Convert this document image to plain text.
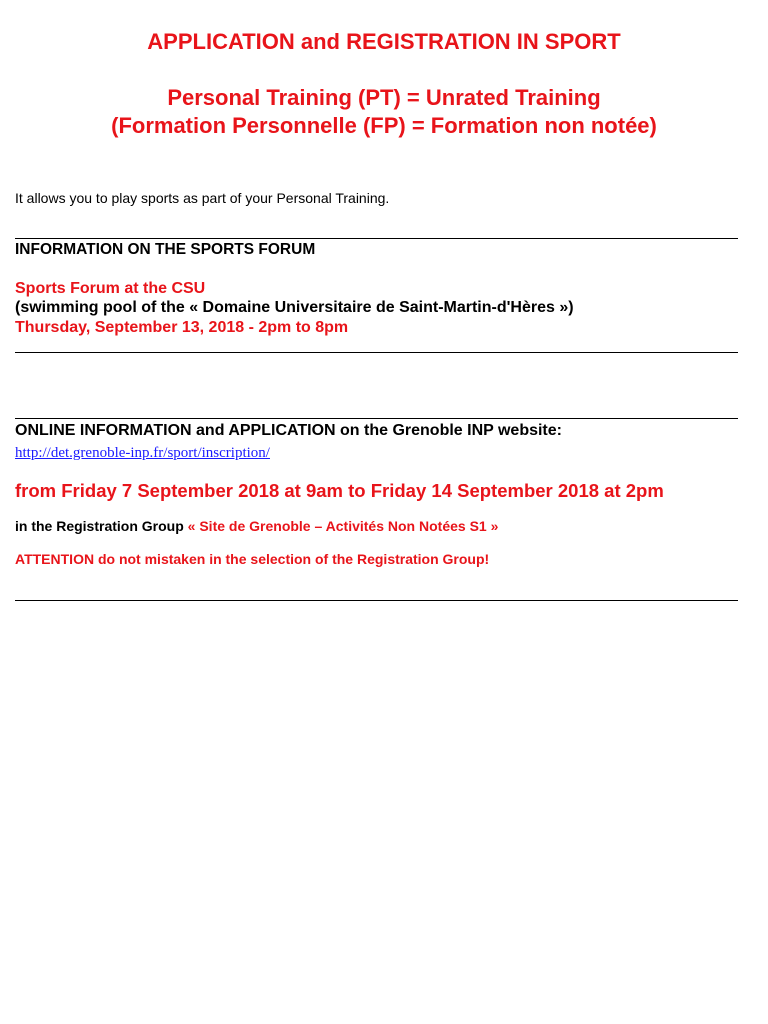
APPLICATION and REGISTRATION IN SPORT
Personal Training (PT) = Unrated Training
(Formation Personnelle (FP) = Formation non notée)

It allows you to play sports as part of your Personal Training.

INFORMATION ON THE SPORTS FORUM

Sports Forum at the CSU

(swimming pool of the « Domaine Universitaire de Saint-Martin-d'Hères »)

Thursday, September 13, 2018 - 2pm to 8pm

ONLINE INFORMATION and APPLICATION on the Grenoble INP website:

http://det.grenoble-inp.fr/sport/inscription/

from Friday 7 September 2018 at 9am to Friday 14 September 2018 at 2pm

in the Registration Group « Site de Grenoble – Activités Non Notées S1 »

ATTENTION do not mistaken in the selection of the Registration Group!
